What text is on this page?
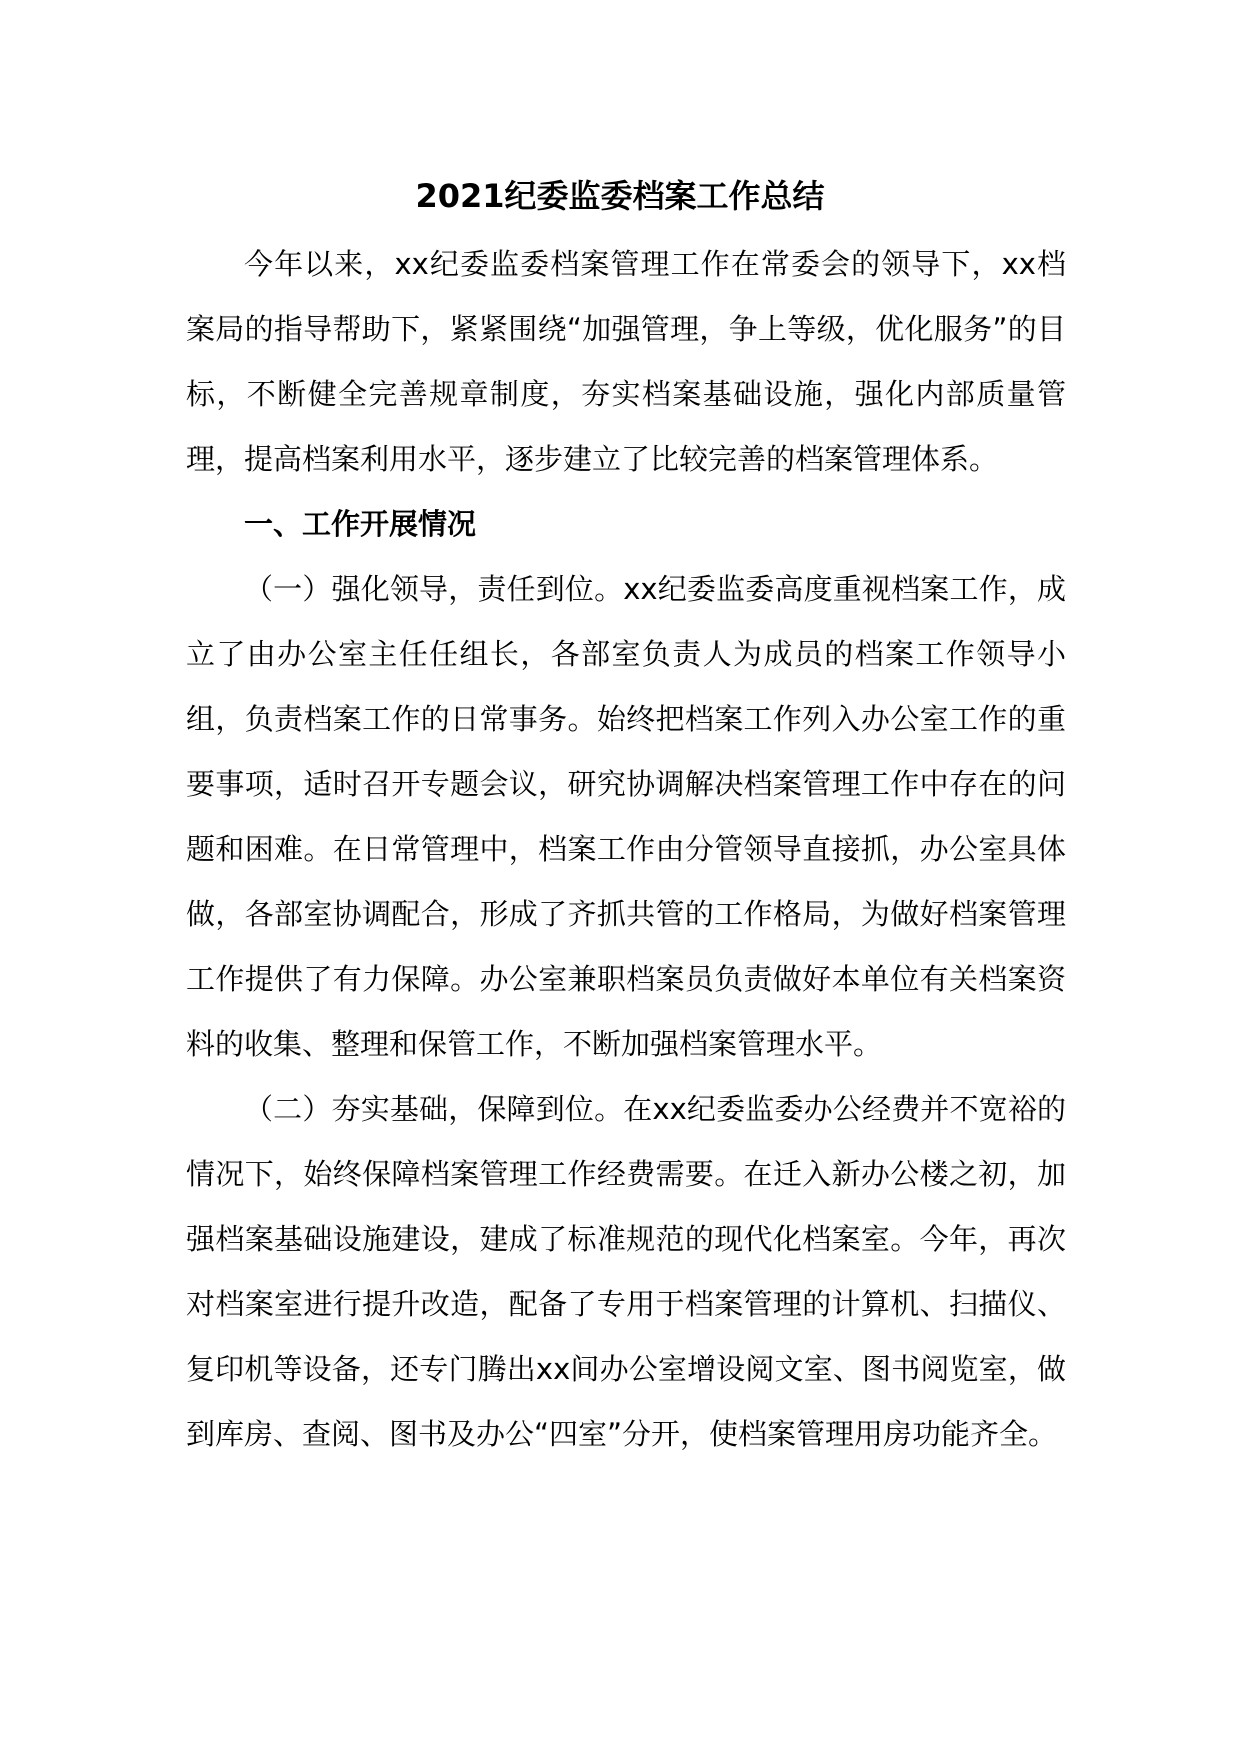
2021纪委监委档案工作总结

今年以来，xx纪委监委档案管理工作在常委会的领导下，xx档案局的指导帮助下，紧紧围绕“加强管理，争上等级，优化服务”的目标，不断健全完善规章制度，夯实档案基础设施，强化内部质量管理，提高档案利用水平，逐步建立了比较完善的档案管理体系。

一、工作开展情况

（一）强化领导，责任到位。xx纪委监委高度重视档案工作，成立了由办公室主任任组长，各部室负责人为成员的档案工作领导小组，负责档案工作的日常事务。始终把档案工作列入办公室工作的重要事项，适时召开专题会议，研究协调解决档案管理工作中存在的问题和困难。在日常管理中，档案工作由分管领导直接抓，办公室具体做，各部室协调配合，形成了齐抓共管的工作格局，为做好档案管理工作提供了有力保障。办公室兼职档案员负责做好本单位有关档案资料的收集、整理和保管工作，不断加强档案管理水平。

（二）夯实基础，保障到位。在xx纪委监委办公经费并不宽裕的情况下，始终保障档案管理工作经费需要。在迁入新办公楼之初，加强档案基础设施建设，建成了标准规范的现代化档案室。今年，再次对档案室进行提升改造，配备了专用于档案管理的计算机、扫描仪、复印机等设备，还专门腾出xx间办公室增设阅文室、图书阅览室，做到库房、查阅、图书及办公“四室”分开，使档案管理用房功能齐全。
